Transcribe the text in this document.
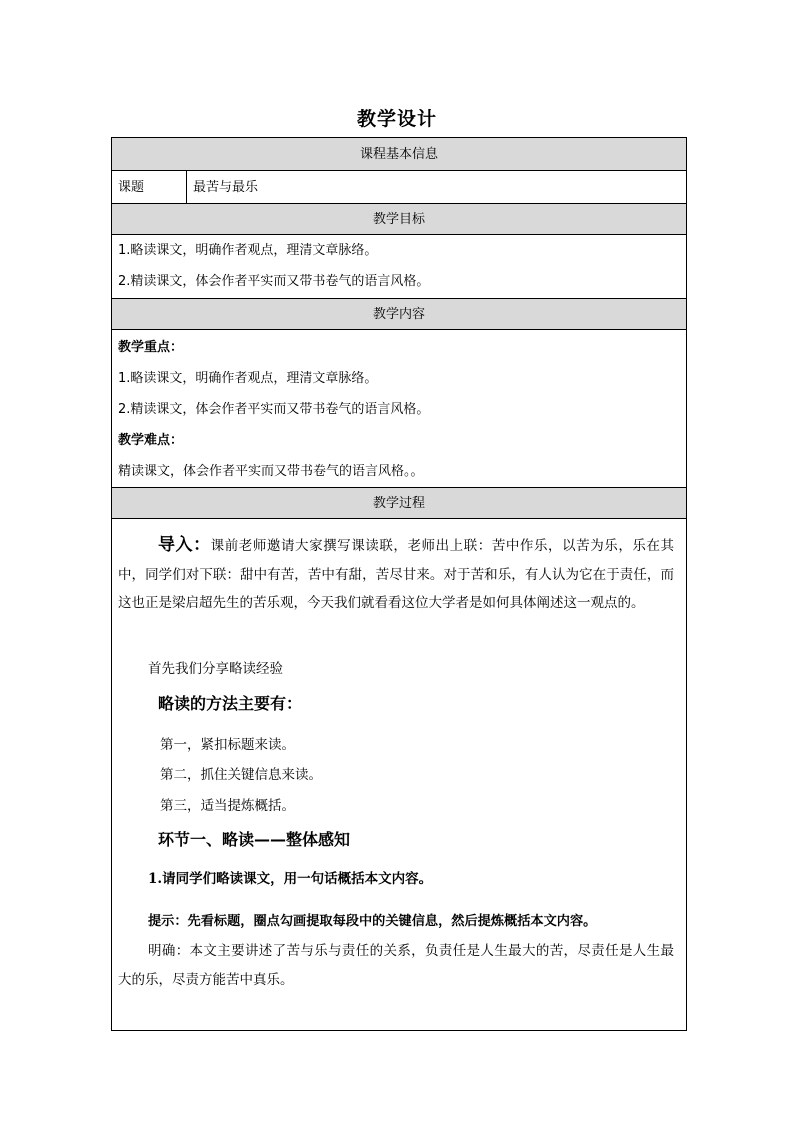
教学设计
课程基本信息
课题	最苦与最乐
教学目标
1.略读课文，明确作者观点，理清文章脉络。
2.精读课文，体会作者平实而又带书卷气的语言风格。
教学内容
教学重点：
1.略读课文，明确作者观点，理清文章脉络。
2.精读课文，体会作者平实而又带书卷气的语言风格。
教学难点：
精读课文，体会作者平实而又带书卷气的语言风格。。
教学过程

导入：课前老师邀请大家撰写课读联，老师出上联：苦中作乐，以苦为乐，乐在其中，同学们对下联：甜中有苦，苦中有甜，苦尽甘来。对于苦和乐，有人认为它在于责任，而这也正是梁启超先生的苦乐观，今天我们就看看这位大学者是如何具体阐述这一观点的。

首先我们分享略读经验

略读的方法主要有：

第一，紧扣标题来读。

第二，抓住关键信息来读。

第三，适当提炼概括。

环节一、略读——整体感知

1.请同学们略读课文，用一句话概括本文内容。

提示：先看标题，圈点勾画提取每段中的关键信息，然后提炼概括本文内容。

明确：本文主要讲述了苦与乐与责任的关系，负责任是人生最大的苦，尽责任是人生最大的乐，尽责方能苦中真乐。
